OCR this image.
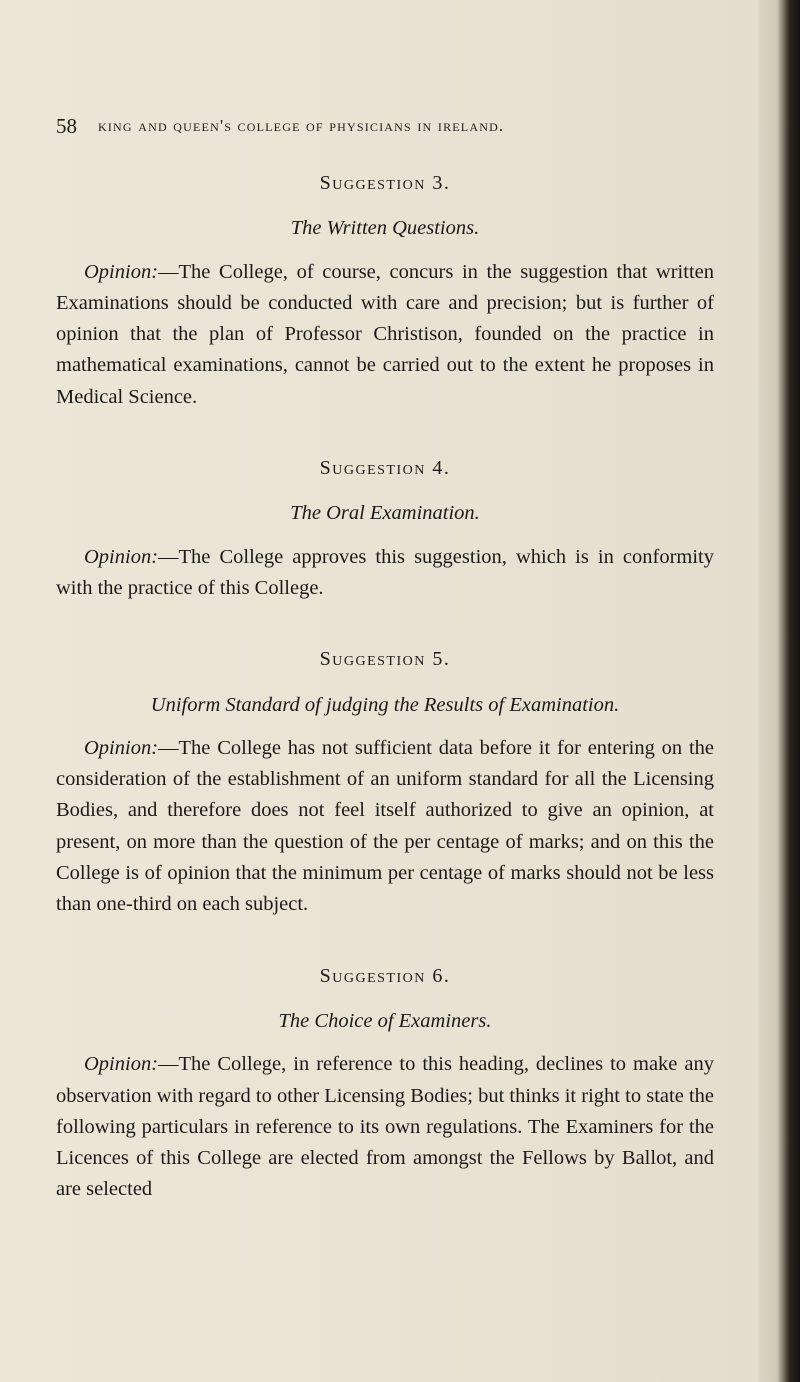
58 king and queen's college of physicians in ireland.
Suggestion 3.
The Written Questions.

Opinion:—The College, of course, concurs in the suggestion that written Examinations should be conducted with care and precision; but is further of opinion that the plan of Professor Christison, founded on the practice in mathematical examinations, cannot be carried out to the extent he proposes in Medical Science.

Suggestion 4.
The Oral Examination.

Opinion:—The College approves this suggestion, which is in conformity with the practice of this College.

Suggestion 5.
Uniform Standard of judging the Results of Examination.

Opinion:—The College has not sufficient data before it for entering on the consideration of the establishment of an uniform standard for all the Licensing Bodies, and therefore does not feel itself authorized to give an opinion, at present, on more than the question of the per centage of marks; and on this the College is of opinion that the minimum per centage of marks should not be less than one-third on each subject.

Suggestion 6.
The Choice of Examiners.

Opinion:—The College, in reference to this heading, declines to make any observation with regard to other Licensing Bodies; but thinks it right to state the following particulars in reference to its own regulations. The Examiners for the Licences of this College are elected from amongst the Fellows by Ballot, and are selected
